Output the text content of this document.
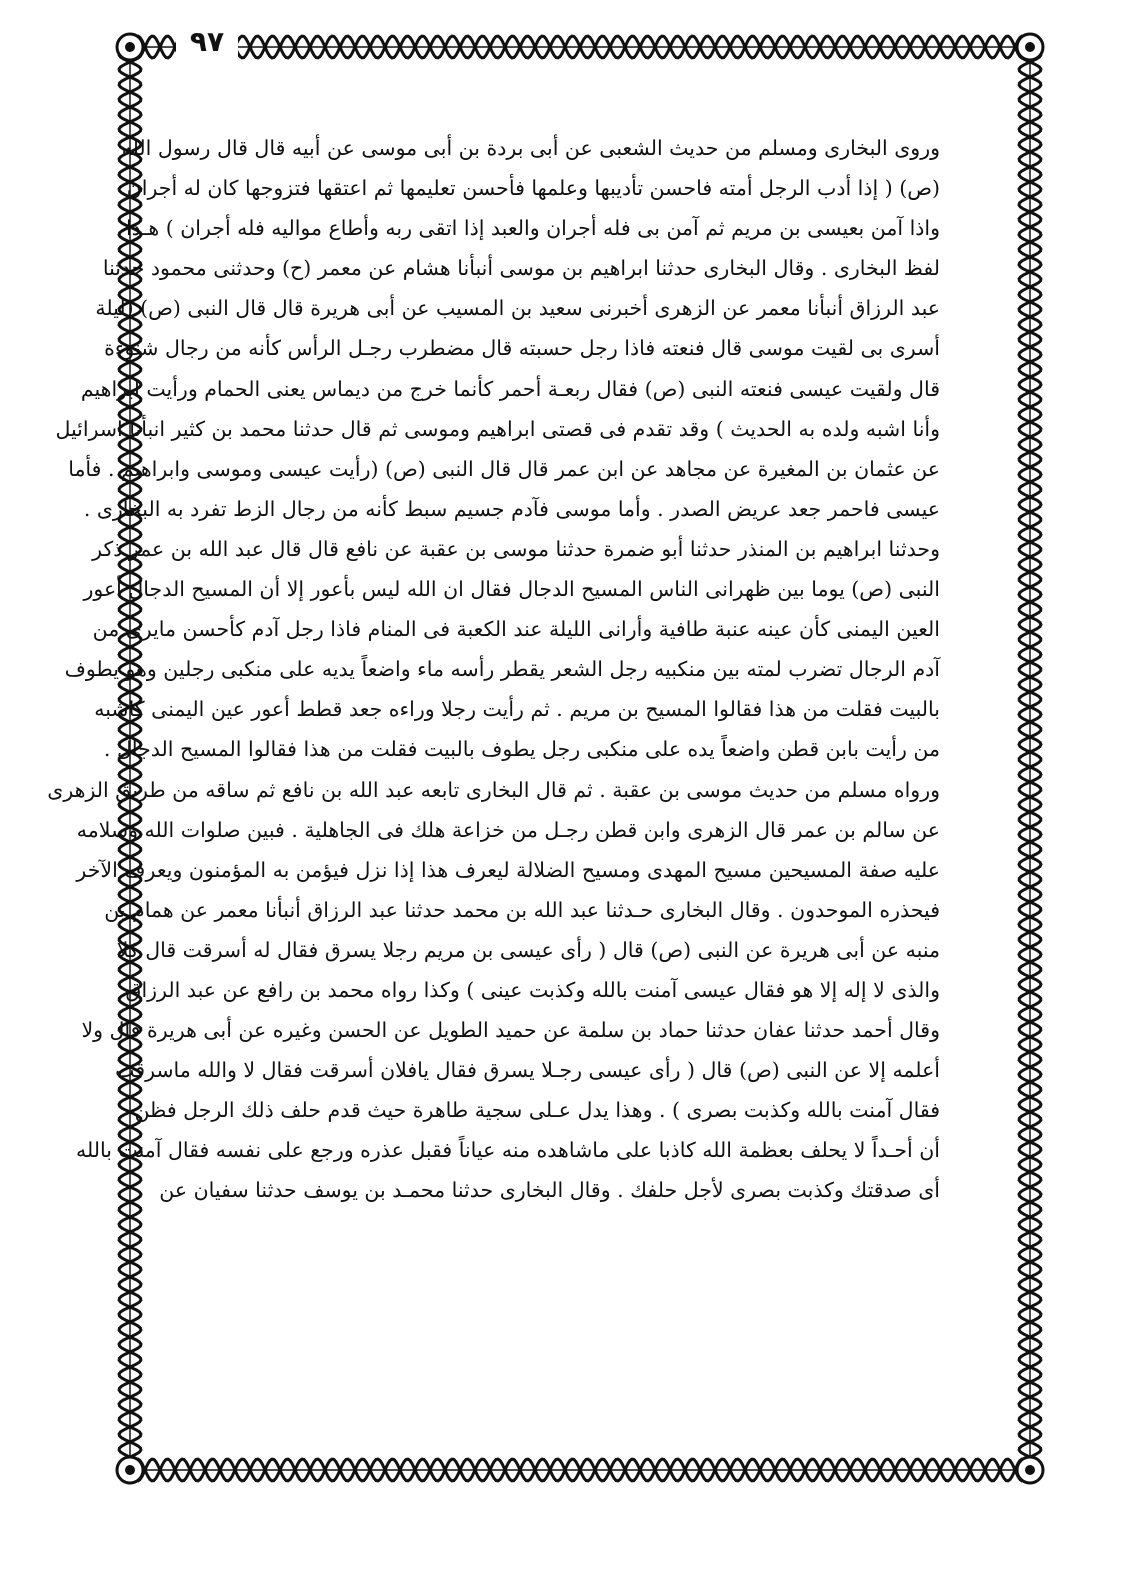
٩٧
وروى البخارى ومسلم من حديث الشعبى عن أبى بردة بن أبى موسى عن أبيه قال قال رسول الله
(ص) ( إذا أدب الرجل أمته فاحسن تأديبها وعلمها فأحسن تعليمها ثم اعتقها فتزوجها كان له أجران
واذا آمن بعيسى بن مريم ثم آمن بى فله أجران والعبد إذا اتقى ربه وأطاع مواليه فله أجران ) هـذا
لفظ البخارى . وقال البخارى حدثنا ابراهيم بن موسى أنبأنا هشام عن معمر (ح) وحدثنى محمود حدثنا
عبد الرزاق أنبأنا معمر عن الزهرى أخبرنى سعيد بن المسيب عن أبى هريرة قال قال النبى (ص) (ليلة
أسرى بى لقيت موسى قال فنعته فاذا رجل حسبته قال مضطرب رجـل الرأس كأنه من رجال شنوءة
قال ولقيت عيسى فنعته النبى (ص) فقال ربعـة أحمر كأنما خرج من ديماس يعنى الحمام ورأيت ابراهيم
وأنا اشبه ولده به الحديث ) وقد تقدم فى قصتى ابراهيم وموسى ثم قال حدثنا محمد بن كثير انبأنا اسرائيل
عن عثمان بن المغيرة عن مجاهد عن ابن عمر قال قال النبى (ص) (رأيت عيسى وموسى وابراهيم . فأما
عيسى فاحمر جعد عريض الصدر . وأما موسى فآدم جسيم سبط كأنه من رجال الزط تفرد به البخارى .
وحدثنا ابراهيم بن المنذر حدثنا أبو ضمرة حدثنا موسى بن عقبة عن نافع قال قال عبد الله بن عمر ذكر
النبى (ص) يوما بين ظهرانى الناس المسيح الدجال فقال ان الله ليس بأعور إلا أن المسيح الدجال أعور
العين اليمنى كأن عينه عنبة طافية وأرانى الليلة عند الكعبة فى المنام فاذا رجل آدم كأحسن مايرى من
آدم الرجال تضرب لمته بين منكبيه رجل الشعر يقطر رأسه ماء واضعاً يديه على منكبى رجلين وهو يطوف
بالبيت فقلت من هذا فقالوا المسيح بن مريم . ثم رأيت رجلا وراءه جعد قطط أعور عين اليمنى كاشبه
من رأيت بابن قطن واضعاً يده على منكبى رجل يطوف بالبيت فقلت من هذا فقالوا المسيح الدجال .
ورواه مسلم من حديث موسى بن عقبة . ثم قال البخارى تابعه عبد الله بن نافع ثم ساقه من طريق الزهرى
عن سالم بن عمر قال الزهرى وابن قطن رجـل من خزاعة هلك فى الجاهلية . فبين صلوات الله وسلامه
عليه صفة المسيحين مسيح المهدى ومسيح الضلالة ليعرف هذا إذا نزل فيؤمن به المؤمنون ويعرف الآخر
فيحذره الموحدون . وقال البخارى حـدثنا عبد الله بن محمد حدثنا عبد الرزاق أنبأنا معمر عن همام بن
منبه عن أبى هريرة عن النبى (ص) قال ( رأى عيسى بن مريم رجلا يسرق فقال له أسرقت قال كلا
والذى لا إله إلا هو فقال عيسى آمنت بالله وكذبت عينى ) وكذا رواه محمد بن رافع عن عبد الرزاق
وقال أحمد حدثنا عفان حدثنا حماد بن سلمة عن حميد الطويل عن الحسن وغيره عن أبى هريرة قال ولا
أعلمه إلا عن النبى (ص) قال ( رأى عيسى رجـلا يسرق فقال يافلان أسرقت فقال لا والله ماسرقت
فقال آمنت بالله وكذبت بصرى ) . وهذا يدل عـلى سجية طاهرة حيث قدم حلف ذلك الرجل فظن
أن أحـداً لا يحلف بعظمة الله كاذبا على ماشاهده منه عياناً فقبل عذره ورجع على نفسه فقال آمنت بالله
أى صدقتك وكذبت بصرى لأجل حلفك . وقال البخارى حدثنا محمـد بن يوسف حدثنا سفيان عن
